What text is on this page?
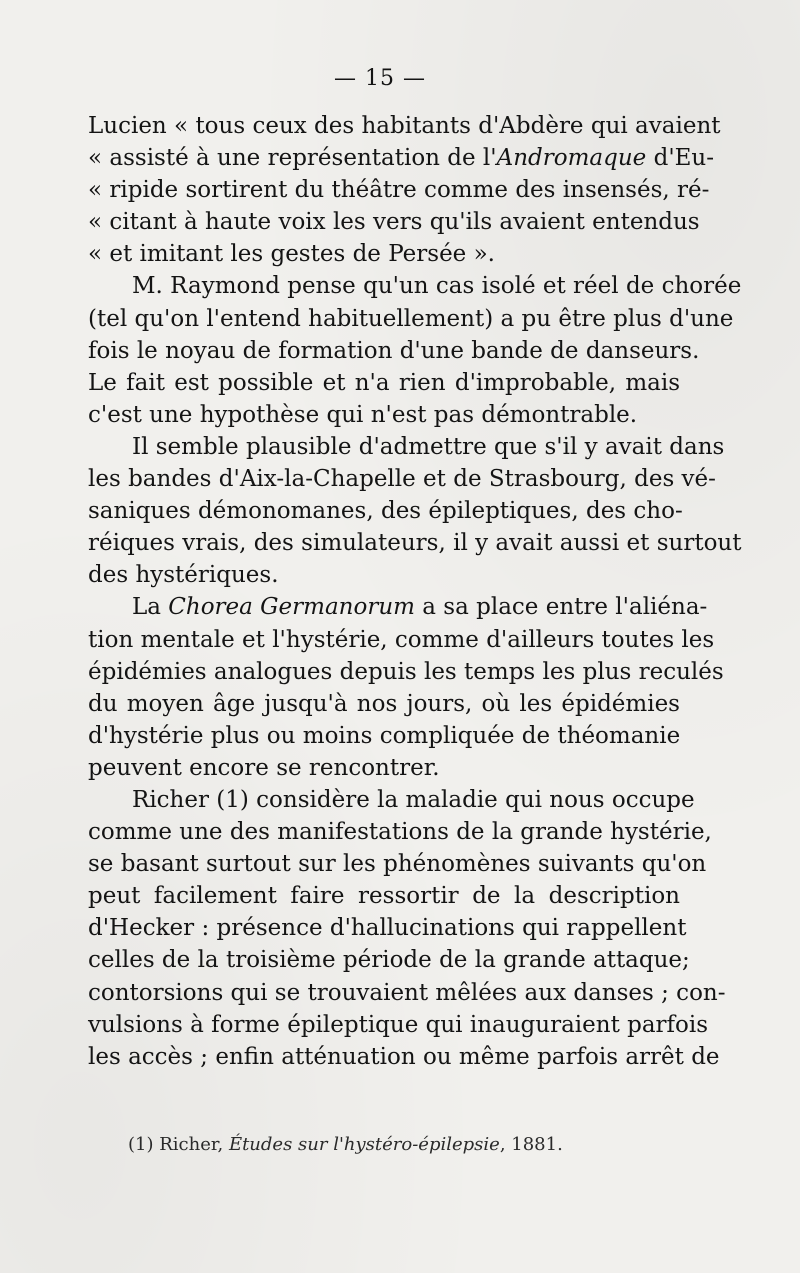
— 15 —
Lucien « tous ceux des habitants d'Abdère qui avaient
« assisté à une représentation de l'Andromaque d'Eu-
« ripide sortirent du théâtre comme des insensés, ré-
« citant à haute voix les vers qu'ils avaient entendus
« et imitant les gestes de Persée ».
M. Raymond pense qu'un cas isolé et réel de chorée
(tel qu'on l'entend habituellement) a pu être plus d'une
fois le noyau de formation d'une bande de danseurs.
Le fait est possible et n'a rien d'improbable, mais
c'est une hypothèse qui n'est pas démontrable.
Il semble plausible d'admettre que s'il y avait dans
les bandes d'Aix-la-Chapelle et de Strasbourg, des vé-
saniques démonomanes, des épileptiques, des cho-
réiques vrais, des simulateurs, il y avait aussi et surtout
des hystériques.
La Chorea Germanorum a sa place entre l'aliéna-
tion mentale et l'hystérie, comme d'ailleurs toutes les
épidémies analogues depuis les temps les plus reculés
du moyen âge jusqu'à nos jours, où les épidémies
d'hystérie plus ou moins compliquée de théomanie
peuvent encore se rencontrer.
Richer (1) considère la maladie qui nous occupe
comme une des manifestations de la grande hystérie,
se basant surtout sur les phénomènes suivants qu'on
peut facilement faire ressortir de la description
d'Hecker : présence d'hallucinations qui rappellent
celles de la troisième période de la grande attaque;
contorsions qui se trouvaient mêlées aux danses ; con-
vulsions à forme épileptique qui inauguraient parfois
les accès ; enfin atténuation ou même parfois arrêt de
(1) Richer, Études sur l'hystéro-épilepsie, 1881.
